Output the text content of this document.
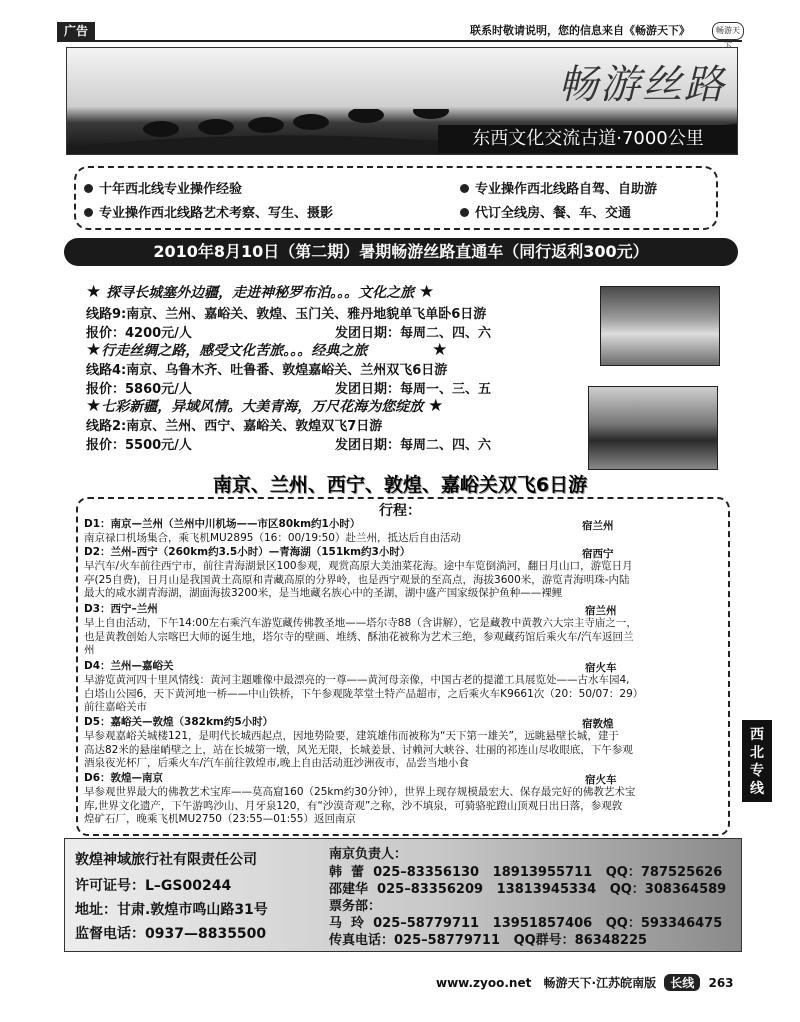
广告	联系时敬请说明，您的信息来自《畅游天下》	畅游天
畅游丝路
东西文化交流古道·7000公里
十年西北线专业操作经验	专业操作西北线路自驾、自助游
专业操作西北线路艺术考察、写生、摄影	代订全线房、餐、车、交通
2010年8月10日（第二期）暑期畅游丝路直通车（同行返利300元）
★ 探寻长城塞外边疆，走进神秘罗布泊。。。文化之旅 ★
线路9:南京、兰州、嘉峪关、敦煌、玉门关、雅丹地貌单飞单卧6日游
报价：4200元/人	发团日期：每周二、四、六
★行走丝绸之路，感受文化苦旅。。。经典之旅	★
线路4:南京、乌鲁木齐、吐鲁番、敦煌嘉峪关、兰州双飞6日游
报价：5860元/人	发团日期：每周一、三、五
★七彩新疆，异域风情。大美青海，万尺花海为您绽放 ★
线路2:南京、兰州、西宁、嘉峪关、敦煌双飞7日游
报价：5500元/人	发团日期：每周二、四、六
南京、兰州、西宁、敦煌、嘉峪关双飞6日游
行程：
D1：南京—兰州（兰州中川机场——市区80km约1小时）	宿兰州
南京禄口机场集合，乘飞机MU2895（16：00/19:50）赴兰州，抵达后自由活动
D2：兰州–西宁（260km约3.5小时）—青海湖（151km约3小时）	宿西宁
早汽车/火车前往西宁市，前往青海湖景区100参观，观赏高原大美油菜花海。途中车览倒淌河，翻日月山口，游览日月
亭(25自费)，日月山是我国黄土高原和青藏高原的分界岭，也是西宁观景的至高点，海拔3600米，游览青海明珠-内陆
最大的咸水湖青海湖，湖面海拔3200米，是当地藏名族心中的圣湖，湖中盛产国家级保护鱼种——裸鲤
D3：西宁–兰州	宿兰州
早上自由活动，下午14:00左右乘汽车游览藏传佛教圣地——塔尔寺88（含讲解），它是藏教中黄教六大宗主寺庙之一，
也是黄教创始人宗喀巴大师的诞生地，塔尔寺的壁画、堆绣、酥油花被称为艺术三绝，参观藏药馆后乘火车/汽车返回兰
州
D4：兰州—嘉峪关	宿火车
早游览黄河四十里风情线：黄河主题雕像中最漂亮的一尊——黄河母亲像，中国古老的提灌工具展览处——古水车园4,
白塔山公园6，天下黄河地一桥——中山铁桥，下午参观陇萃堂土特产品超市，之后乘火车K9661次（20：50/07：29）
前往嘉峪关市
D5：嘉峪关—敦煌（382km约5小时）	宿敦煌
早参观嘉峪关城楼121，是明代长城西起点，因地势险要，建筑雄伟而被称为“天下第一雄关”，远眺悬壁长城，建于
高达82米的悬崖峭壁之上，站在长城第一墩，风光无限，长城姜景、讨赖河大峡谷、壮丽的祁连山尽收眼底，下午参观
酒泉夜光杯厂，后乘火车/汽车前往敦煌市,晚上自由活动逛沙洲夜市，品尝当地小食
D6：敦煌—南京	宿火车
早参观世界最大的佛教艺术宝库——莫高窟160（25km约30分钟），世界上现存规模最宏大、保存最完好的佛教艺术宝
库,世界文化遗产，下午游鸣沙山、月牙泉120，有“沙漠奇观”之称，沙不填泉，可骑骆驼蹬山顶观日出日落，参观敦
煌矿石厂，晚乘飞机MU2750（23:55—01:55）返回南京
敦煌神域旅行社有限责任公司
许可证号：L–GS00244
地址：甘肃.敦煌市鸣山路31号
监督电话：0937—8835500
南京负责人：
韩  蕾  025–83356130   18913955711   QQ：787525626
邵建华  025–83356209   13813945334   QQ：308364589
票务部：
马  玲  025–58779711   13951857406   QQ：593346475
传真电话：025–58779711   QQ群号：86348225
西北专线
www.zyoo.net 畅游天下·江苏皖南版 长线 263
